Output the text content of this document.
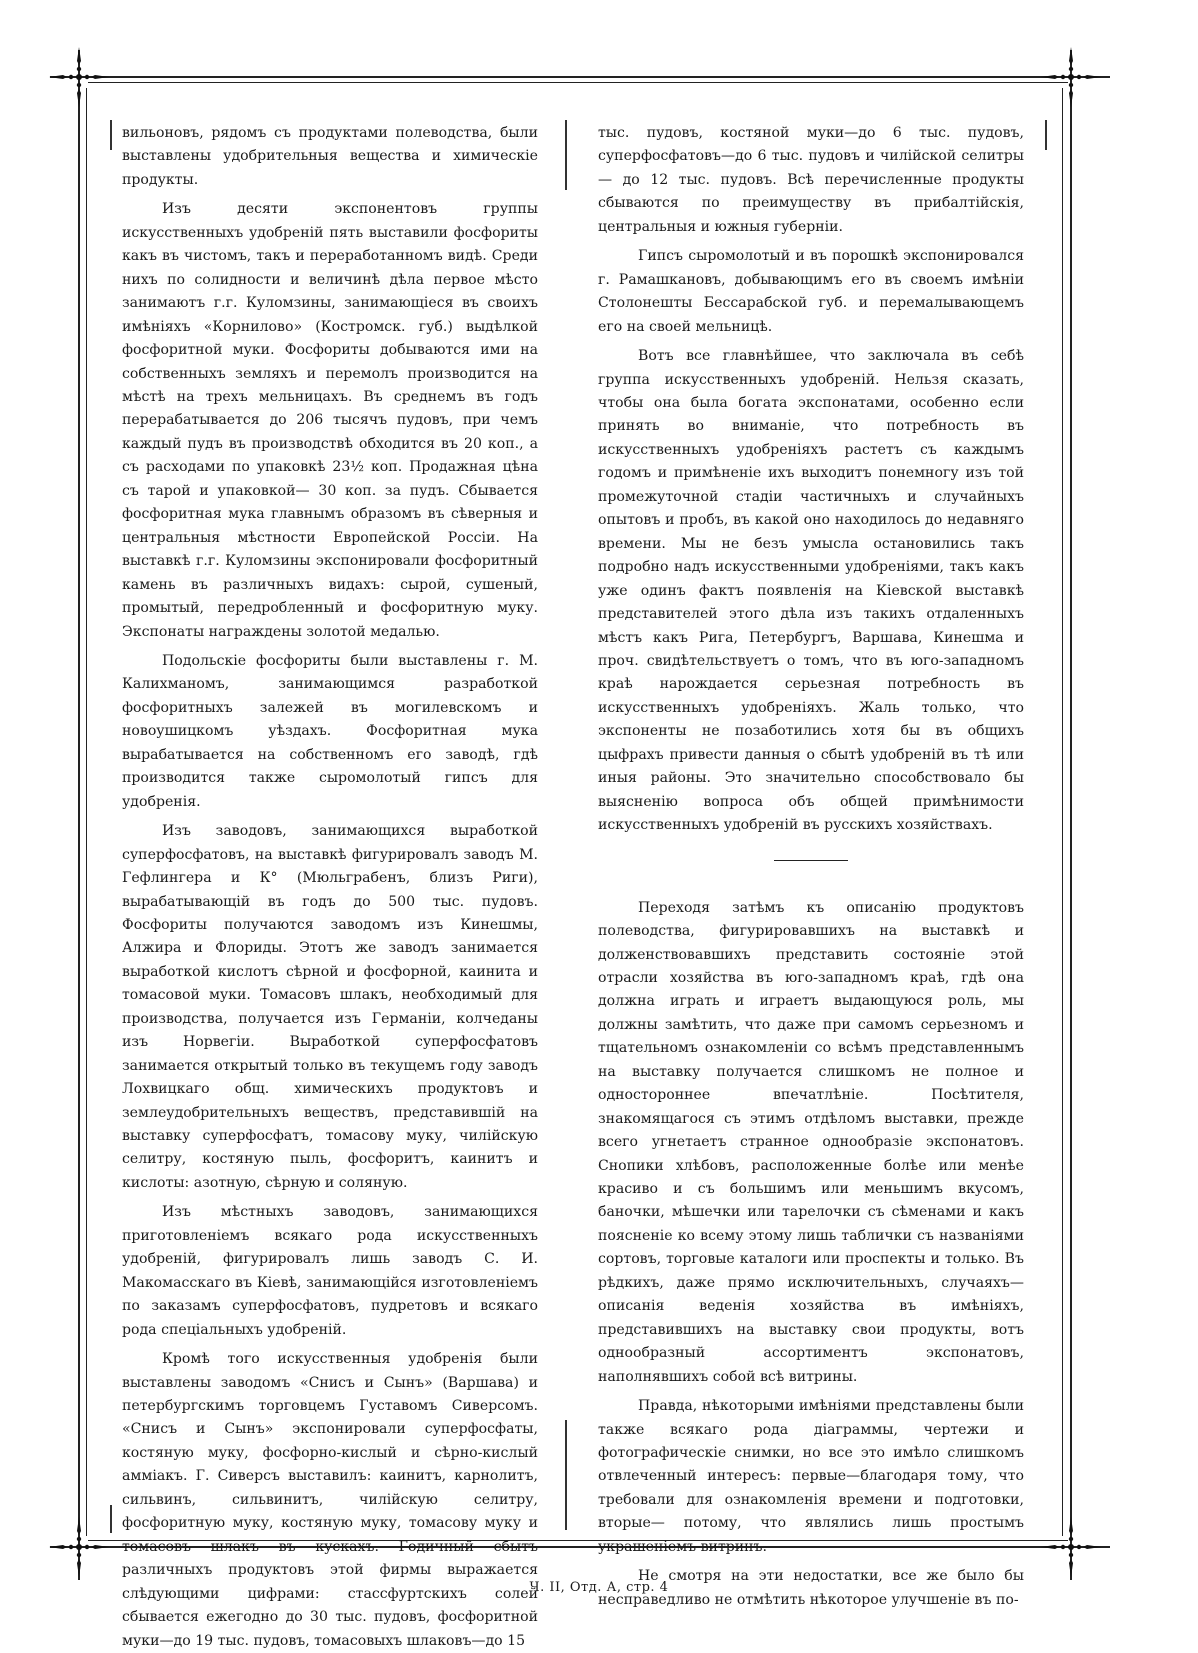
вильоновъ, рядомъ съ продуктами полеводства, были выставлены удобрительныя вещества и химическіе продукты.

Изъ десяти экспонентовъ группы искусственныхъ удобреній пять выставили фосфориты какъ въ чистомъ, такъ и переработанномъ видѣ. Среди нихъ по солидности и величинѣ дѣла первое мѣсто занимаютъ г.г. Куломзины, занимающіеся въ своихъ имѣніяхъ «Корнилово» (Костромск. губ.) выдѣлкой фосфоритной муки. Фосфориты добываются ими на собственныхъ земляхъ и перемолъ производится на мѣстѣ на трехъ мельницахъ. Въ среднемъ въ годъ перерабатывается до 206 тысячъ пудовъ, при чемъ каждый пудъ въ производствѣ обходится въ 20 коп., а съ расходами по упаковкѣ 23½ коп. Продажная цѣна съ тарой и упаковкой— 30 коп. за пудъ. Сбывается фосфоритная мука главнымъ образомъ въ сѣверныя и центральныя мѣстности Европейской Россіи. На выставкѣ г.г. Куломзины экспонировали фосфоритный камень въ различныхъ видахъ: сырой, сушеный, промытый, передробленный и фосфоритную муку. Экспонаты награждены золотой медалью.

Подольскіе фосфориты были выставлены г. М. Калихманомъ, занимающимся разработкой фосфоритныхъ залежей въ могилевскомъ и новоушицкомъ уѣздахъ. Фосфоритная мука вырабатывается на собственномъ его заводѣ, гдѣ производится также сыромолотый гипсъ для удобренія.

Изъ заводовъ, занимающихся выработкой суперфосфатовъ, на выставкѣ фигурировалъ заводъ М. Гефлингера и К° (Мюльграбенъ, близъ Риги), вырабатывающій въ годъ до 500 тыс. пудовъ. Фосфориты получаются заводомъ изъ Кинешмы, Алжира и Флориды. Этотъ же заводъ занимается выработкой кислотъ сѣрной и фосфорной, каинита и томасовой муки. Томасовъ шлакъ, необходимый для производства, получается изъ Германіи, колчеданы изъ Норвегіи. Выработкой суперфосфатовъ занимается открытый только въ текущемъ году заводъ Лохвицкаго общ. химическихъ продуктовъ и землеудобрительныхъ веществъ, представившій на выставку суперфосфатъ, томасову муку, чилійскую селитру, костяную пыль, фосфоритъ, каинитъ и кислоты: азотную, сѣрную и соляную.

Изъ мѣстныхъ заводовъ, занимающихся приготовленіемъ всякаго рода искусственныхъ удобреній, фигурировалъ лишь заводъ С. И. Макомасскаго въ Кіевѣ, занимающійся изготовленіемъ по заказамъ суперфосфатовъ, пудретовъ и всякаго рода спеціальныхъ удобреній.

Кромѣ того искусственныя удобренія были выставлены заводомъ «Снисъ и Сынъ» (Варшава) и петербургскимъ торговцемъ Густавомъ Сиверсомъ. «Снисъ и Сынъ» экспонировали суперфосфаты, костяную муку, фосфорно-кислый и сѣрно-кислый аммiакъ. Г. Сиверсъ выставилъ: каинитъ, карнолитъ, сильвинъ, сильвинитъ, чилійскую селитру, фосфоритную муку, костяную муку, томасову муку и томасовъ шлакъ въ кускахъ. Годичный сбытъ различныхъ продуктовъ этой фирмы выражается слѣдующими цифрами: стассфуртскихъ солей сбывается ежегодно до 30 тыс. пудовъ, фосфоритной муки—до 19 тыс. пудовъ, томасовыхъ шлаковъ—до 15

тыс. пудовъ, костяной муки—до 6 тыс. пудовъ, суперфосфатовъ—до 6 тыс. пудовъ и чилійской селитры— до 12 тыс. пудовъ. Всѣ перечисленные продукты сбываются по преимуществу въ прибалтійскія, центральныя и южныя губерніи.

Гипсъ сыромолотый и въ порошкѣ экспонировался г. Рамашкановъ, добывающимъ его въ своемъ имѣніи Столонешты Бессарабской губ. и перемалывающемъ его на своей мельницѣ.

Вотъ все главнѣйшее, что заключала въ себѣ группа искусственныхъ удобреній. Нельзя сказать, чтобы она была богата экспонатами, особенно если принять во вниманіе, что потребность въ искусственныхъ удобреніяхъ растетъ съ каждымъ годомъ и примѣненіе ихъ выходитъ понемногу изъ той промежуточной стадіи частичныхъ и случайныхъ опытовъ и пробъ, въ какой оно находилось до недавняго времени. Мы не безъ умысла остановились такъ подробно надъ искусственными удобреніями, такъ какъ уже одинъ фактъ появленія на Кіевской выставкѣ представителей этого дѣла изъ такихъ отдаленныхъ мѣстъ какъ Рига, Петербургъ, Варшава, Кинешма и проч. свидѣтельствуетъ о томъ, что въ юго-западномъ краѣ нарождается серьезная потребность въ искусственныхъ удобреніяхъ. Жаль только, что экспоненты не позаботились хотя бы въ общихъ цыфрахъ привести данныя о сбытѣ удобреній въ тѣ или иныя районы. Это значительно способствовало бы выясненію вопроса объ общей примѣнимости искусственныхъ удобреній въ русскихъ хозяйствахъ.

Переходя затѣмъ къ описанію продуктовъ полеводства, фигурировавшихъ на выставкѣ и долженствовавшихъ представить состояніе этой отрасли хозяйства въ юго-западномъ краѣ, гдѣ она должна играть и играетъ выдающуюся роль, мы должны замѣтить, что даже при самомъ серьезномъ и тщательномъ ознакомленіи со всѣмъ представленнымъ на выставку получается слишкомъ не полное и одностороннее впечатлѣніе. Посѣтителя, знакомящагося съ этимъ отдѣломъ выставки, прежде всего угнетаетъ странное однообразіе экспонатовъ. Снопики хлѣбовъ, расположенные болѣе или менѣе красиво и съ большимъ или меньшимъ вкусомъ, баночки, мѣшечки или тарелочки съ сѣменами и какъ поясненіе ко всему этому лишь таблички съ названіями сортовъ, торговые каталоги или проспекты и только. Въ рѣдкихъ, даже прямо исключительныхъ, случаяхъ—описанія веденія хозяйства въ имѣніяхъ, представившихъ на выставку свои продукты, вотъ однообразный ассортиментъ экспонатовъ, наполнявшихъ собой всѣ витрины.

Правда, нѣкоторыми имѣніями представлены были также всякаго рода діаграммы, чертежи и фотографическіе снимки, но все это имѣло слишкомъ отвлеченный интересъ: первые—благодаря тому, что требовали для ознакомленія времени и подготовки, вторые— потому, что являлись лишь простымъ украшеніемъ витринъ.

Не смотря на эти недостатки, все же было бы несправедливо не отмѣтить нѣкоторое улучшеніе въ по-

Ч. II, Отд. А, стр. 4
